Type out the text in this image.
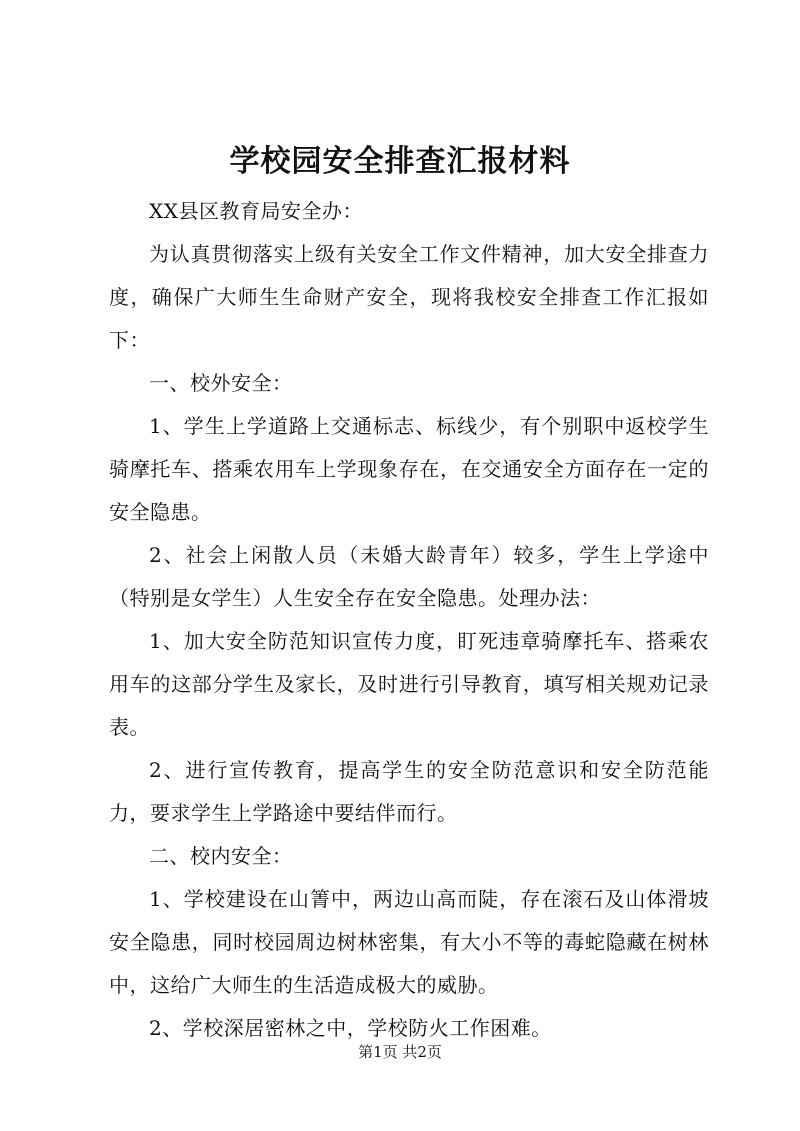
学校园安全排查汇报材料

XX县区教育局安全办：

为认真贯彻落实上级有关安全工作文件精神，加大安全排查力度，确保广大师生生命财产安全，现将我校安全排查工作汇报如下：

一、校外安全：

1、学生上学道路上交通标志、标线少，有个别职中返校学生骑摩托车、搭乘农用车上学现象存在，在交通安全方面存在一定的安全隐患。

2、社会上闲散人员（未婚大龄青年）较多，学生上学途中（特别是女学生）人生安全存在安全隐患。处理办法：

1、加大安全防范知识宣传力度，盯死违章骑摩托车、搭乘农用车的这部分学生及家长，及时进行引导教育，填写相关规劝记录表。

2、进行宣传教育，提高学生的安全防范意识和安全防范能力，要求学生上学路途中要结伴而行。

二、校内安全：

1、学校建设在山箐中，两边山高而陡，存在滚石及山体滑坡安全隐患，同时校园周边树林密集，有大小不等的毒蛇隐藏在树林中，这给广大师生的生活造成极大的威胁。

2、学校深居密林之中，学校防火工作困难。

第1页 共2页
